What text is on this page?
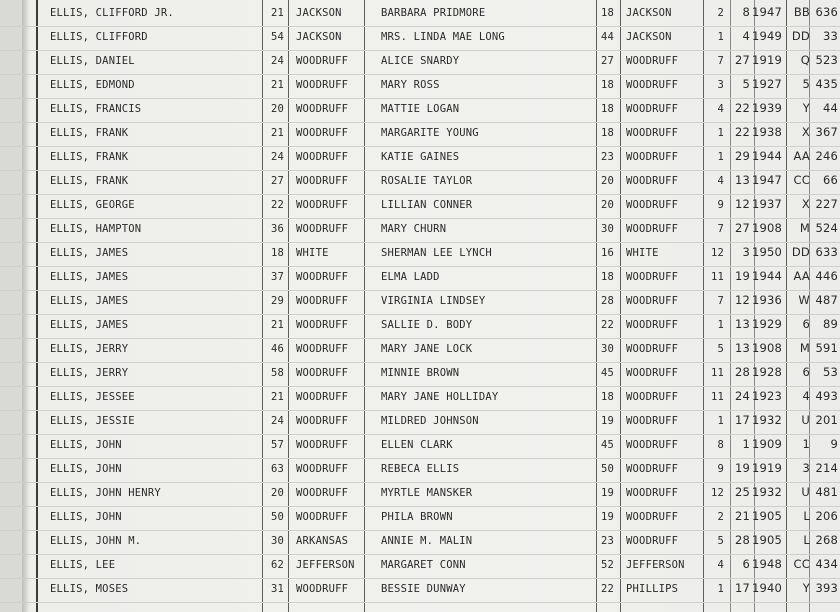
ELLIS, CLIFFORD JR.	21 JACKSON	BARBARA PRIDMORE	18 JACKSON	2	8 1947	BB 636
ELLIS, CLIFFORD	54 JACKSON	MRS. LINDA MAE LONG	44 JACKSON	1	4 1949 DD	33
ELLIS, DANIEL	24 WOODRUFF	ALICE SNARDY	27 WOODRUFF	7 27 1919	Q 523
ELLIS, EDMOND	21 WOODRUFF	MARY ROSS	18 WOODRUFF	3	5 1927	5 435
ELLIS, FRANCIS	20 WOODRUFF	MATTIE LOGAN	18 WOODRUFF	4 22 1939	Y	44
ELLIS, FRANK	21 WOODRUFF	MARGARITE YOUNG	18 WOODRUFF	1 22 1938	X 367
ELLIS, FRANK	24 WOODRUFF	KATIE GAINES	23 WOODRUFF	1 29 1944 AA 246
ELLIS, FRANK	27 WOODRUFF	ROSALIE TAYLOR	20 WOODRUFF	4 13 1947 CC	66
ELLIS, GEORGE	22 WOODRUFF	LILLIAN CONNER	20 WOODRUFF	9 12 1937	X 227
ELLIS, HAMPTON	36 WOODRUFF	MARY CHURN	30 WOODRUFF	7 27 1908	M 524
ELLIS, JAMES	18 WHITE	SHERMAN LEE LYNCH	16 WHITE	12	3 1950 DD 633
ELLIS, JAMES	37 WOODRUFF	ELMA LADD	18 WOODRUFF	11 19 1944 AA 446
ELLIS, JAMES	29 WOODRUFF	VIRGINIA LINDSEY	28 WOODRUFF	7 12 1936	W 487
ELLIS, JAMES	21 WOODRUFF	SALLIE D. BODY	22 WOODRUFF	1 13 1929	6	89
ELLIS, JERRY	46 WOODRUFF	MARY JANE LOCK	30 WOODRUFF	5 13 1908	M 591
ELLIS, JERRY	58 WOODRUFF	MINNIE BROWN	45 WOODRUFF	11 28 1928	6	53
ELLIS, JESSEE	21 WOODRUFF	MARY JANE HOLLIDAY	18 WOODRUFF	11 24 1923	4 493
ELLIS, JESSIE	24 WOODRUFF	MILDRED JOHNSON	19 WOODRUFF	1 17 1932	U 201
ELLIS, JOHN	57 WOODRUFF	ELLEN CLARK	45 WOODRUFF	8	1 1909	1	9
ELLIS, JOHN	63 WOODRUFF	REBECA ELLIS	50 WOODRUFF	9 19 1919	3 214
ELLIS, JOHN HENRY	20 WOODRUFF	MYRTLE MANSKER	19 WOODRUFF	12 25 1932	U 481
ELLIS, JOHN	50 WOODRUFF	PHILA BROWN	19 WOODRUFF	2 21 1905	L 206
ELLIS, JOHN M.	30 ARKANSAS	ANNIE M. MALIN	23 WOODRUFF	5 28 1905	L 268
ELLIS, LEE	62 JEFFERSON	MARGARET CONN	52 JEFFERSON	4	6 1948 CC 434
ELLIS, MOSES	31 WOODRUFF	BESSIE DUNWAY	22 PHILLIPS	1 17 1940	Y 393
